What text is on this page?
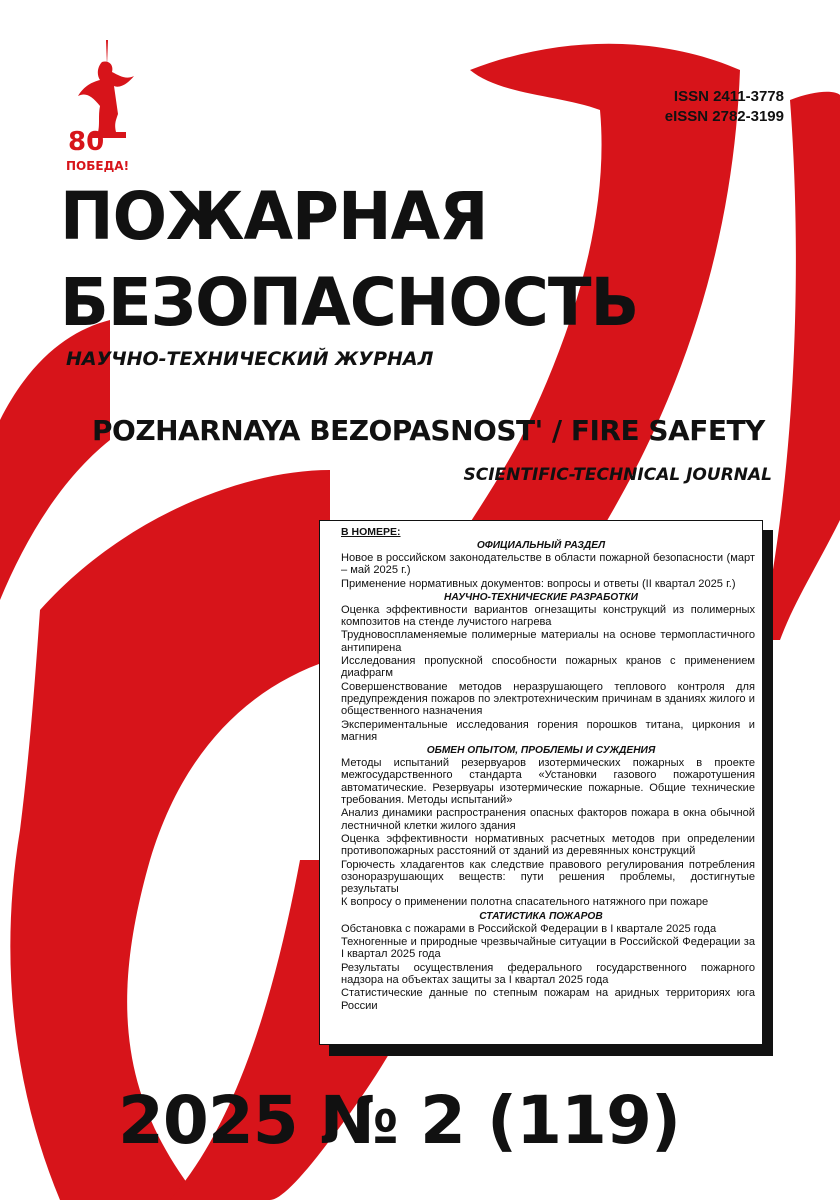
80
ПОБЕДА!
ISSN 2411-3778
eISSN 2782-3199
ПОЖАРНАЯ
БЕЗОПАСНОСТЬ
НАУЧНО-ТЕХНИЧЕСКИЙ ЖУРНАЛ
POZHARNAYA BEZOPASNOST' / FIRE SAFETY
SCIENTIFIC-TECHNICAL JOURNAL
В НОМЕРЕ:
ОФИЦИАЛЬНЫЙ РАЗДЕЛ
Новое в российском законодательстве в области пожарной безопасности (март – май 2025 г.)
Применение нормативных документов: вопросы и ответы (II квартал 2025 г.)
НАУЧНО-ТЕХНИЧЕСКИЕ РАЗРАБОТКИ
Оценка эффективности вариантов огнезащиты конструкций из полимерных композитов на стенде лучистого нагрева
Трудновоспламеняемые полимерные материалы на основе термопластичного антипирена
Исследования пропускной способности пожарных кранов с применением диафрагм
Совершенствование методов неразрушающего теплового контроля для предупреждения пожаров по электротехническим причинам в зданиях жилого и общественного назначения
Экспериментальные исследования горения порошков титана, циркония и магния
ОБМЕН ОПЫТОМ, ПРОБЛЕМЫ И СУЖДЕНИЯ
Методы испытаний резервуаров изотермических пожарных в проекте межгосударственного стандарта «Установки газового пожаротушения автоматические. Резервуары изотермические пожарные. Общие технические требования. Методы испытаний»
Анализ динамики распространения опасных факторов пожара в окна обычной лестничной клетки жилого здания
Оценка эффективности нормативных расчетных методов при определении противопожарных расстояний от зданий из деревянных конструкций
Горючесть хладагентов как следствие правового регулирования потребления озоноразрушающих веществ: пути решения проблемы, достигнутые результаты
К вопросу о применении полотна спасательного натяжного при пожаре
СТАТИСТИКА ПОЖАРОВ
Обстановка с пожарами в Российской Федерации в I квартале 2025 года
Техногенные и природные чрезвычайные ситуации в Российской Федерации за I квартал 2025 года
Результаты осуществления федерального государственного пожарного надзора на объектах защиты за I квартал 2025 года
Статистические данные по степным пожарам на аридных территориях юга России
2025 № 2 (119)
